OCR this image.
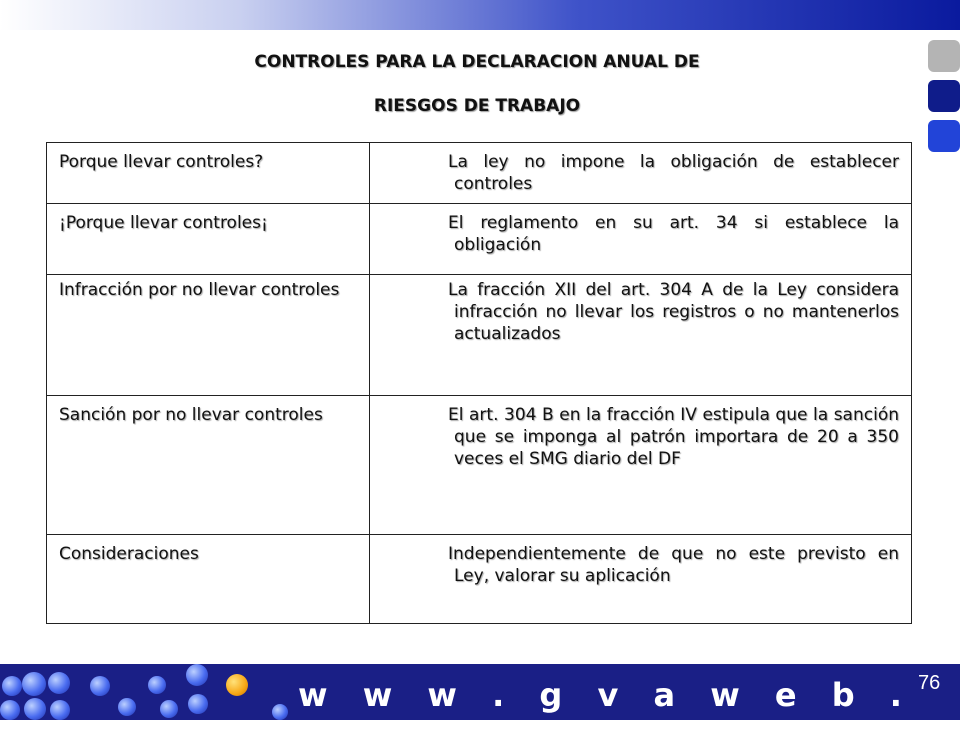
CONTROLES PARA LA DECLARACION ANUAL DE
RIESGOS DE TRABAJO
Porque llevar controles?	La ley no impone la obligación de establecer controles
¡Porque llevar controles¡	El reglamento en su art. 34 si establece la obligación
Infracción por no llevar controles	La fracción XII del art. 304 A de la Ley considera infracción no llevar los registros o no mantenerlos actualizados
Sanción por no llevar controles	El art. 304 B en la fracción IV estipula que la sanción que se imponga al patrón importara de 20 a 350 veces el SMG diario del DF
Consideraciones	Independientemente de que no este previsto en Ley, valorar su aplicación
w w w . g v a w e b . c o m
76
